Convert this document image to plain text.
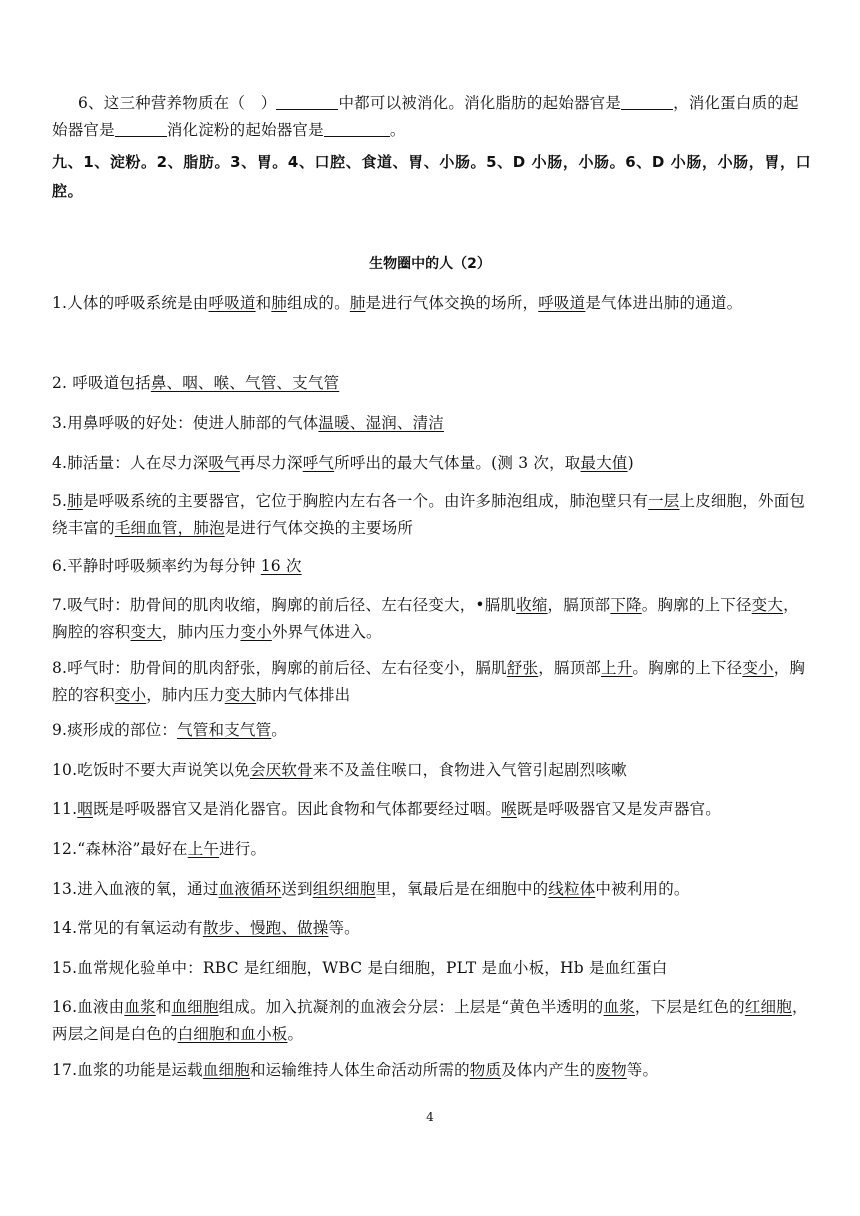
6、这三种营养物质在（　）	中都可以被消化。消化脂肪的起始器官是	，消化蛋白质的起始器官是	消化淀粉的起始器官是	。

九、1、淀粉。2、脂肪。3、胃。4、口腔、食道、胃、小肠。5、D 小肠，小肠。6、D 小肠，小肠，胃，口腔。

生物圈中的人（2）

1.人体的呼吸系统是由呼吸道和肺组成的。肺是进行气体交换的场所，呼吸道是气体进出肺的通道。

2. 呼吸道包括鼻、咽、喉、气管、支气管

3.用鼻呼吸的好处：使进人肺部的气体温暖、湿润、清洁

4.肺活量：人在尽力深吸气再尽力深呼气所呼出的最大气体量。(测 3 次，取最大值)

5.肺是呼吸系统的主要器官，它位于胸腔内左右各一个。由许多肺泡组成，肺泡壁只有一层上皮细胞，外面包绕丰富的毛细血管，肺泡是进行气体交换的主要场所

6.平静时呼吸频率约为每分钟 16 次

7.吸气时：肋骨间的肌肉收缩，胸廓的前后径、左右径变大，•膈肌收缩，膈顶部下降。胸廓的上下径变大，胸腔的容积变大，肺内压力变小外界气体进入。

8.呼气时：肋骨间的肌肉舒张，胸廓的前后径、左右径变小，膈肌舒张，膈顶部上升。胸廓的上下径变小，胸腔的容积变小，肺内压力变大肺内气体排出

9.痰形成的部位：气管和支气管。

10.吃饭时不要大声说笑以免会厌软骨来不及盖住喉口，食物进入气管引起剧烈咳嗽

11.咽既是呼吸器官又是消化器官。因此食物和气体都要经过咽。喉既是呼吸器官又是发声器官。

12.“森林浴”最好在上午进行。

13.进入血液的氧，通过血液循环送到组织细胞里，氧最后是在细胞中的线粒体中被利用的。

14.常见的有氧运动有散步、慢跑、做操等。

15.血常规化验单中：RBC 是红细胞，WBC 是白细胞，PLT 是血小板，Hb 是血红蛋白

16.血液由血浆和血细胞组成。加入抗凝剂的血液会分层：上层是“黄色半透明的血浆，下层是红色的红细胞，两层之间是白色的白细胞和血小板。

17.血浆的功能是运载血细胞和运输维持人体生命活动所需的物质及体内产生的废物等。

4
